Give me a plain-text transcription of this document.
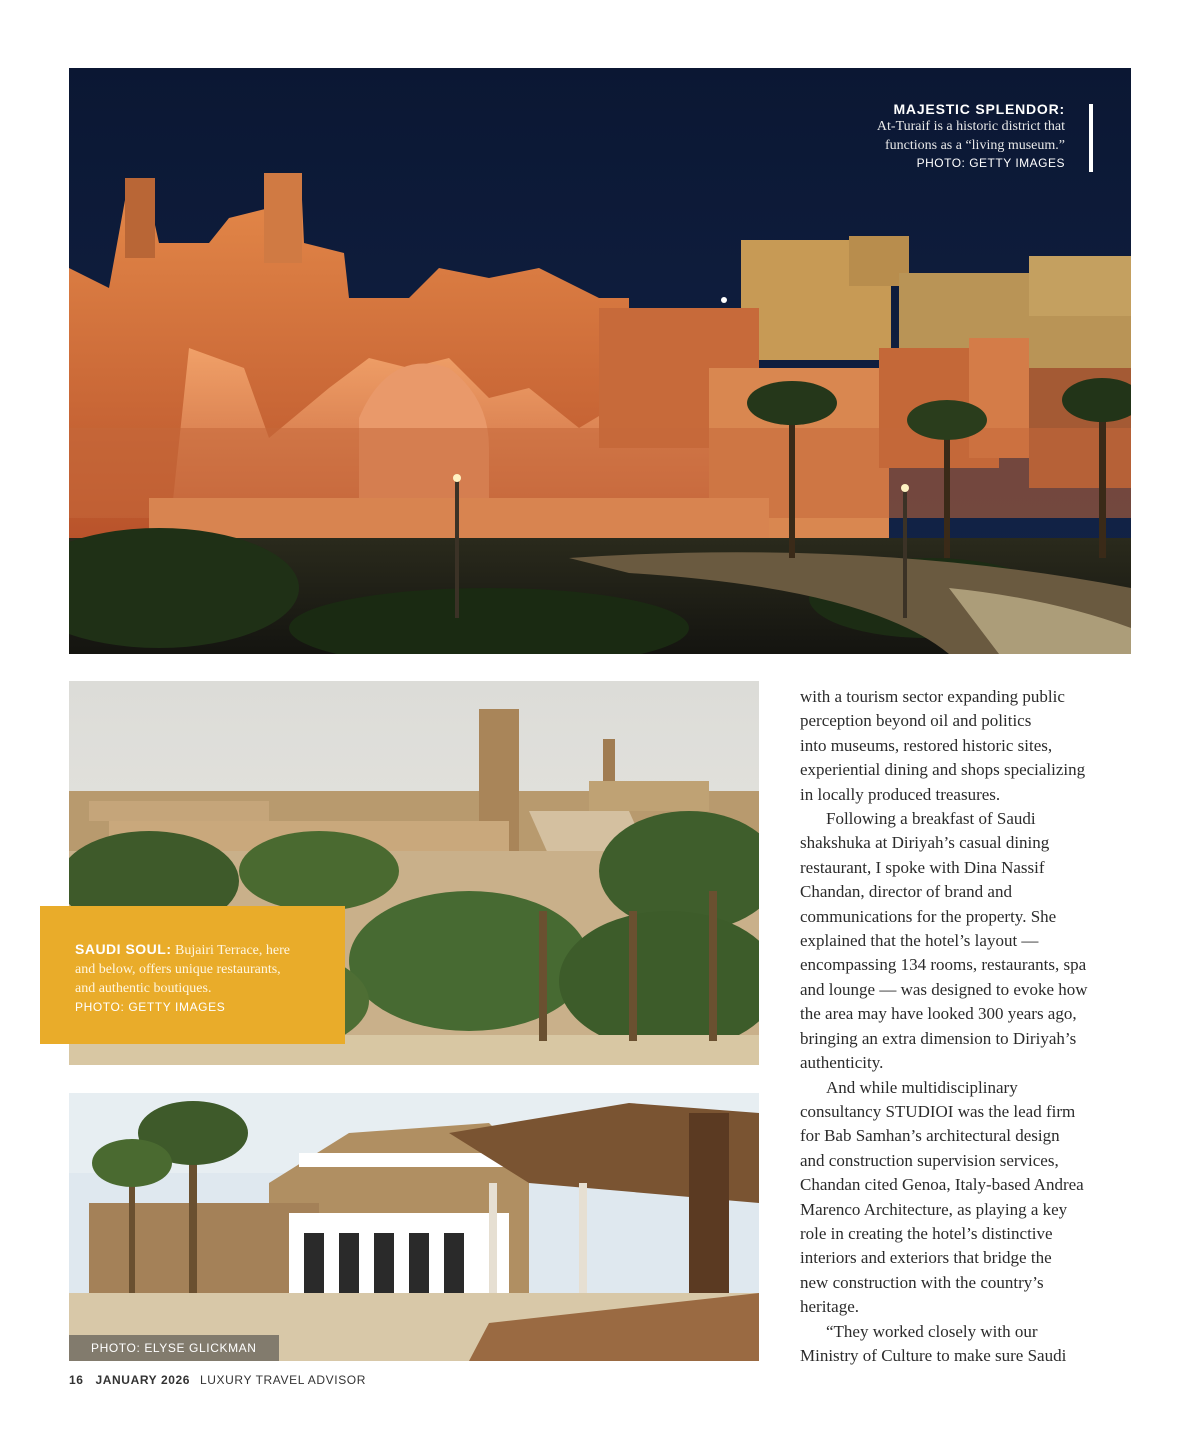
MAJESTIC SPLENDOR:
At-Turaif is a historic district that
functions as a “living museum.”
PHOTO: GETTY IMAGES
PHOTO: ELYSE GLICKMAN
SAUDI SOUL: Bujairi Terrace, here
and below, offers unique restaurants,
and authentic boutiques.
PHOTO: GETTY IMAGES
with a tourism sector expanding public
perception beyond oil and politics
into museums, restored historic sites,
experiential dining and shops specializing
in locally produced treasures.
Following a breakfast of Saudi
shakshuka at Diriyah’s casual dining
restaurant, I spoke with Dina Nassif
Chandan, director of brand and
communications for the property. She
explained that the hotel’s layout —
encompassing 134 rooms, restaurants, spa
and lounge — was designed to evoke how
the area may have looked 300 years ago,
bringing an extra dimension to Diriyah’s
authenticity.
And while multidisciplinary
consultancy STUDIOI was the lead firm
for Bab Samhan’s architectural design
and construction supervision services,
Chandan cited Genoa, Italy-based Andrea
Marenco Architecture, as playing a key
role in creating the hotel’s distinctive
interiors and exteriors that bridge the
new construction with the country’s
heritage.
“They worked closely with our
Ministry of Culture to make sure Saudi
16 JANUARY 2026 LUXURY TRAVEL ADVISOR
